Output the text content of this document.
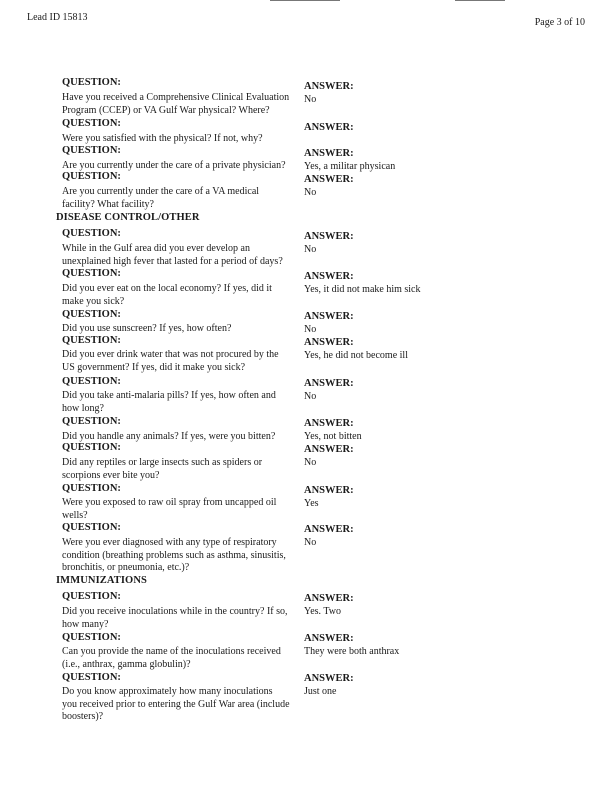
Lead ID 15813	Page 3 of 10
QUESTION:	ANSWER:
Have you received a Comprehensive Clinical Evaluation Program (CCEP) or VA Gulf War physical? Where?
No
QUESTION:	ANSWER:
Were you satisfied with the physical? If not, why?
QUESTION:	ANSWER:
Are you currently under the care of a private physician?	Yes, a militar physican
QUESTION:	ANSWER:
Are you currently under the care of a VA medical facility? What facility?
No
DISEASE CONTROL/OTHER
QUESTION:	ANSWER:
While in the Gulf area did you ever develop an unexplained high fever that lasted for a period of days?
No
QUESTION:	ANSWER:
Did you ever eat on the local economy? If yes, did it make you sick?
Yes, it did not make him sick
QUESTION:	ANSWER:
Did you use sunscreen? If yes, how often?	No
QUESTION:	ANSWER:
Did you ever drink water that was not procured by the US government? If yes, did it make you sick?
Yes, he did not become ill
QUESTION:	ANSWER:
Did you take anti-malaria pills? If yes, how often and how long?
No
QUESTION:	ANSWER:
Did you handle any animals? If yes, were you bitten?	Yes, not bitten
QUESTION:	ANSWER:
Did any reptiles or large insects such as spiders or scorpions ever bite you?
No
QUESTION:	ANSWER:
Were you exposed to raw oil spray from uncapped oil wells?
Yes
QUESTION:	ANSWER:
Were you ever diagnosed with any type of respiratory condition (breathing problems such as asthma, sinusitis, bronchitis, or pneumonia, etc.)?
No
IMMUNIZATIONS
QUESTION:	ANSWER:
Did you receive inoculations while in the country? If so, how many?
Yes. Two
QUESTION:	ANSWER:
Can you provide the name of the inoculations received (i.e., anthrax, gamma globulin)?
They were both anthrax
QUESTION:	ANSWER:
Do you know approximately how many inoculations you received prior to entering the Gulf War area (include boosters)?
Just one
